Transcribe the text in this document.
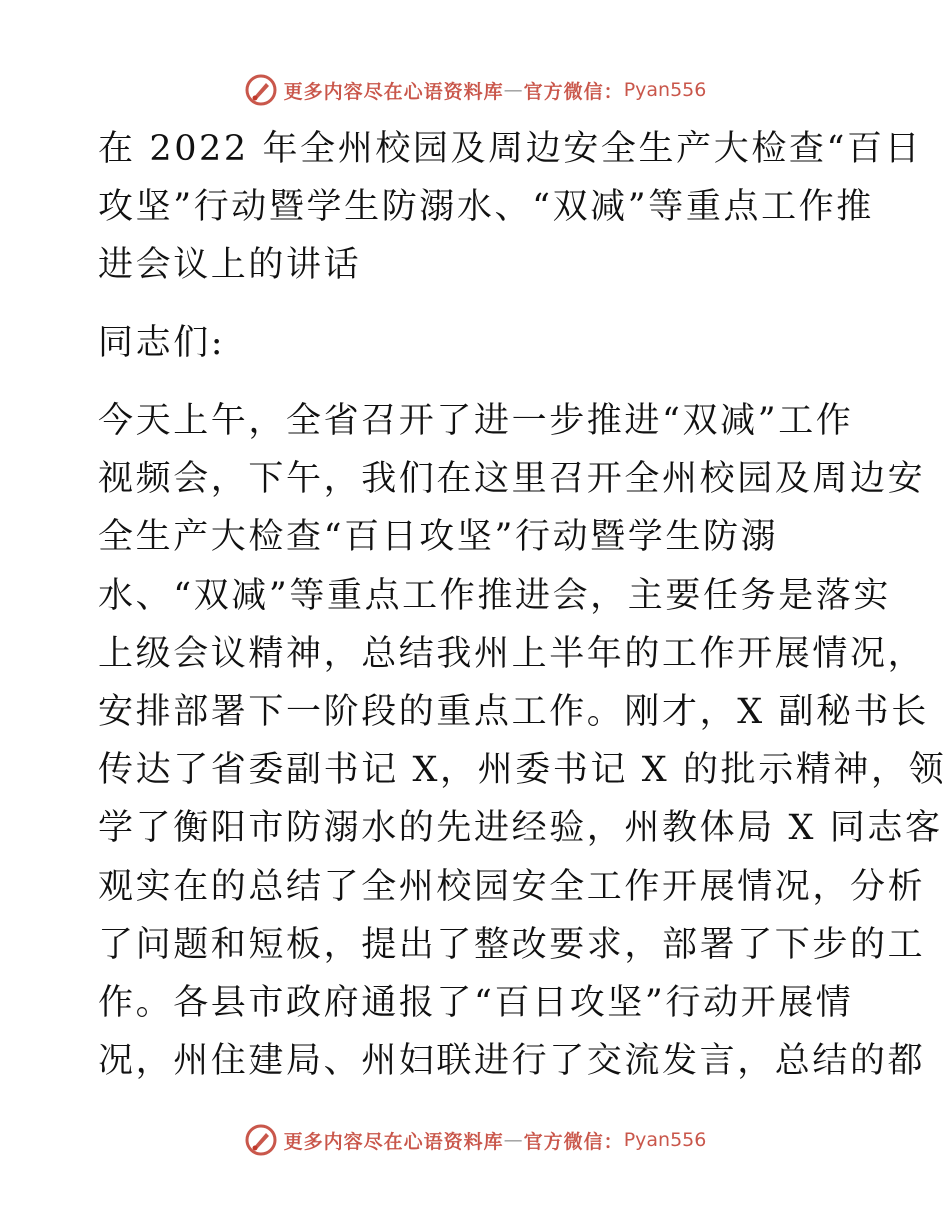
更多内容尽在心语资料库 — 官方微信： Pyan556
在 2022 年全州校园及周边安全生产大检查“百日
攻坚”行动暨学生防溺水、“双减”等重点工作推
进会议上的讲话
同志们:
今天上午，全省召开了进一步推进“双减”工作
视频会，下午，我们在这里召开全州校园及周边安
全生产大检查“百日攻坚”行动暨学生防溺
水、“双减”等重点工作推进会，主要任务是落实
上级会议精神，总结我州上半年的工作开展情况，
安排部署下一阶段的重点工作。刚才，X 副秘书长
传达了省委副书记 X，州委书记 X 的批示精神，领
学了衡阳市防溺水的先进经验，州教体局 X 同志客
观实在的总结了全州校园安全工作开展情况，分析
了问题和短板，提出了整改要求，部署了下步的工
作。各县市政府通报了“百日攻坚”行动开展情
况，州住建局、州妇联进行了交流发言，总结的都
更多内容尽在心语资料库 — 官方微信： Pyan556
